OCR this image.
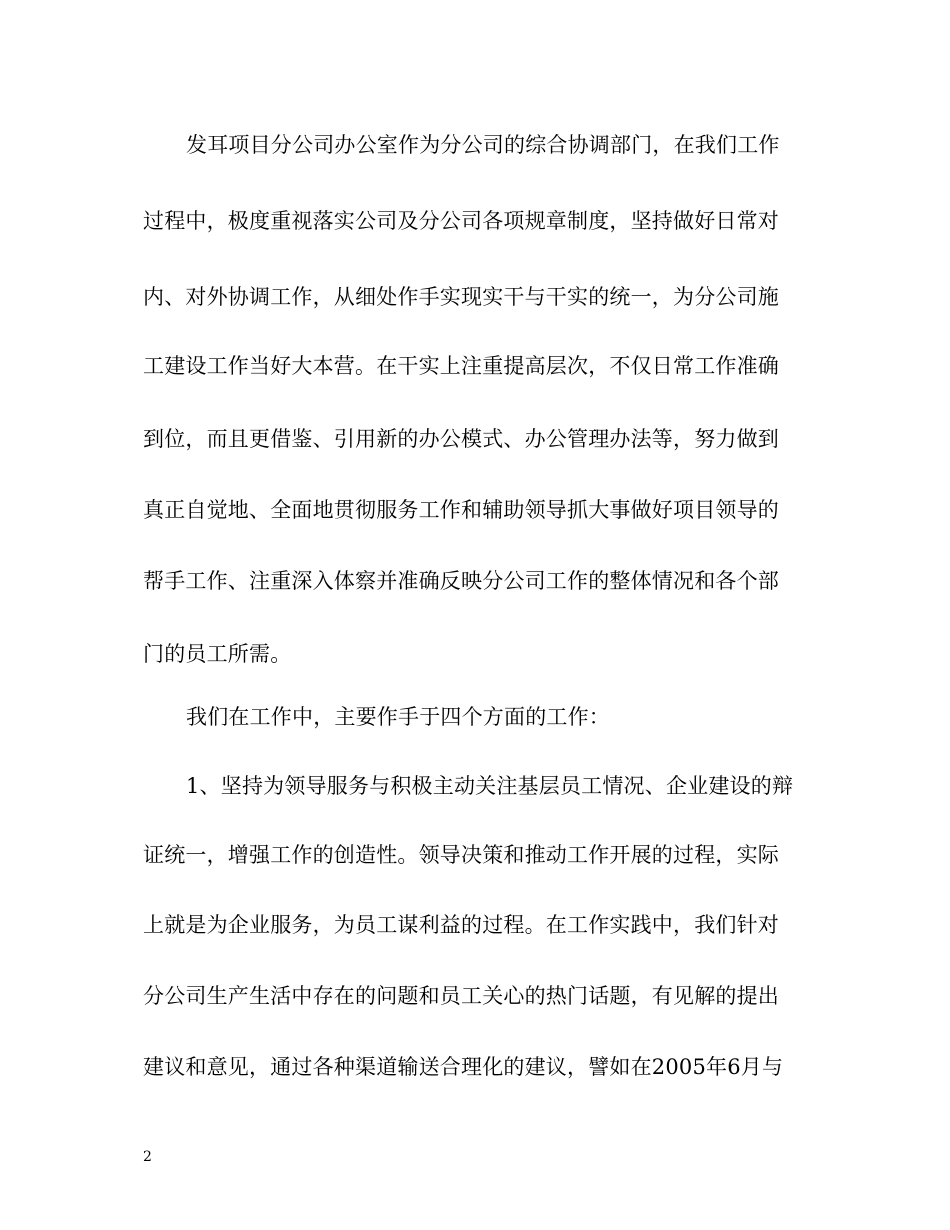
发耳项目分公司办公室作为分公司的综合协调部门，在我们工作
过程中，极度重视落实公司及分公司各项规章制度，坚持做好日常对
内、对外协调工作，从细处作手实现实干与干实的统一，为分公司施
工建设工作当好大本营。在干实上注重提高层次，不仅日常工作准确
到位，而且更借鉴、引用新的办公模式、办公管理办法等，努力做到
真正自觉地、全面地贯彻服务工作和辅助领导抓大事做好项目领导的
帮手工作、注重深入体察并准确反映分公司工作的整体情况和各个部
门的员工所需。
我们在工作中，主要作手于四个方面的工作：
1、坚持为领导服务与积极主动关注基层员工情况、企业建设的辩
证统一，增强工作的创造性。领导决策和推动工作开展的过程，实际
上就是为企业服务，为员工谋利益的过程。在工作实践中，我们针对
分公司生产生活中存在的问题和员工关心的热门话题，有见解的提出
建议和意见，通过各种渠道输送合理化的建议，譬如在2005年6月与
2
